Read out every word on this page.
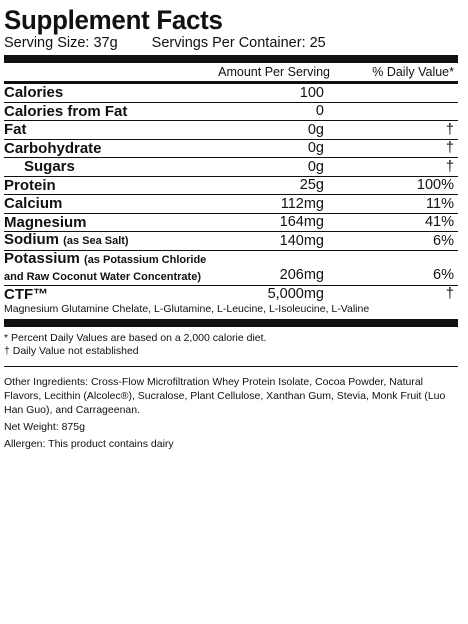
Supplement Facts
Serving Size: 37g Servings Per Container: 25
Amount Per Serving	% Daily Value*
Calories	100
Calories from Fat	0
Fat	0g	†
Carbohydrate	0g	†
Sugars	0g	†
Protein	25g	100%
Calcium	112mg	11%
Magnesium	164mg	41%
Sodium (as Sea Salt)	140mg	6%
Potassium (as Potassium Chloride
and Raw Coconut Water Concentrate)	206mg	6%
CTF™	5,000mg	†
Magnesium Glutamine Chelate, L-Glutamine, L-Leucine, L-Isoleucine, L-Valine
* Percent Daily Values are based on a 2,000 calorie diet.
† Daily Value not established
Other Ingredients: Cross-Flow Microfiltration Whey Protein Isolate, Cocoa Powder, Natural Flavors, Lecithin (Alcolec®), Sucralose, Plant Cellulose, Xanthan Gum, Stevia, Monk Fruit (Luo Han Guo), and Carrageenan.
Net Weight: 875g
Allergen: This product contains dairy
